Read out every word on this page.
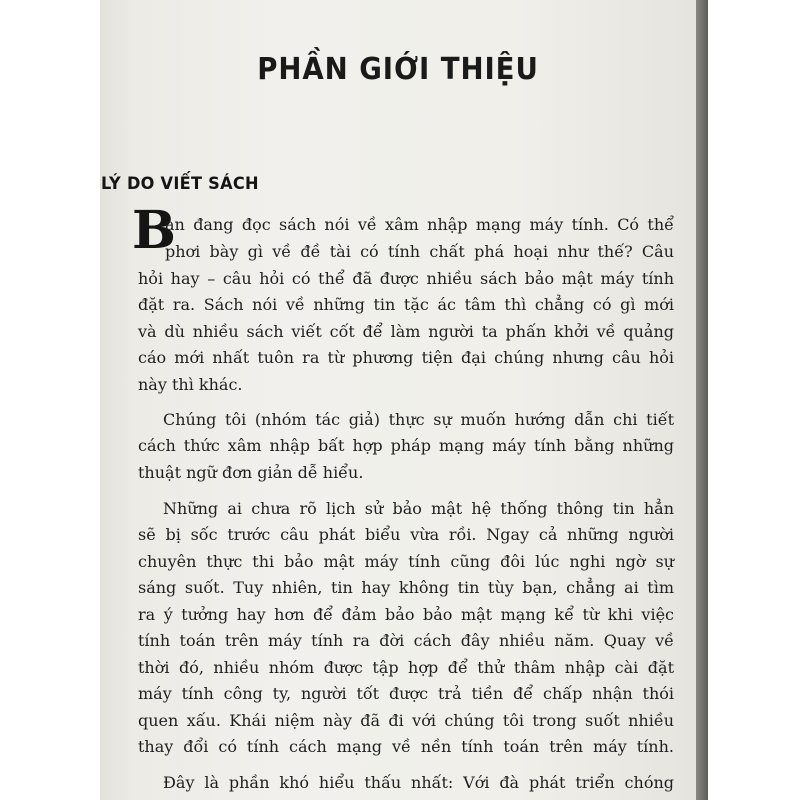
PHẦN GIỚI THIỆU
LÝ DO VIẾT SÁCH
B
ạn đang đọc sách nói về xâm nhập mạng máy tính. Có thể
phơi bày gì về đề tài có tính chất phá hoại như thế? Câu
hỏi hay – câu hỏi có thể đã được nhiều sách bảo mật máy tính
đặt ra. Sách nói về những tin tặc ác tâm thì chẳng có gì mới
và dù nhiều sách viết cốt để làm người ta phấn khởi về quảng
cáo mới nhất tuôn ra từ phương tiện đại chúng nhưng câu hỏi
này thì khác.
Chúng tôi (nhóm tác giả) thực sự muốn hướng dẫn chi tiết
cách thức xâm nhập bất hợp pháp mạng máy tính bằng những
thuật ngữ đơn giản dễ hiểu.
Những ai chưa rõ lịch sử bảo mật hệ thống thông tin hẳn
sẽ bị sốc trước câu phát biểu vừa rồi. Ngay cả những người
chuyên thực thi bảo mật máy tính cũng đôi lúc nghi ngờ sự
sáng suốt. Tuy nhiên, tin hay không tin tùy bạn, chẳng ai tìm
ra ý tưởng hay hơn để đảm bảo bảo mật mạng kể từ khi việc
tính toán trên máy tính ra đời cách đây nhiều năm. Quay về
thời đó, nhiều nhóm được tập hợp để thử thâm nhập cài đặt
máy tính công ty, người tốt được trả tiền để chấp nhận thói
quen xấu. Khái niệm này đã đi với chúng tôi trong suốt nhiều
thay đổi có tính cách mạng về nền tính toán trên máy tính.
Đây là phần khó hiểu thấu nhất: Với đà phát triển chóng
